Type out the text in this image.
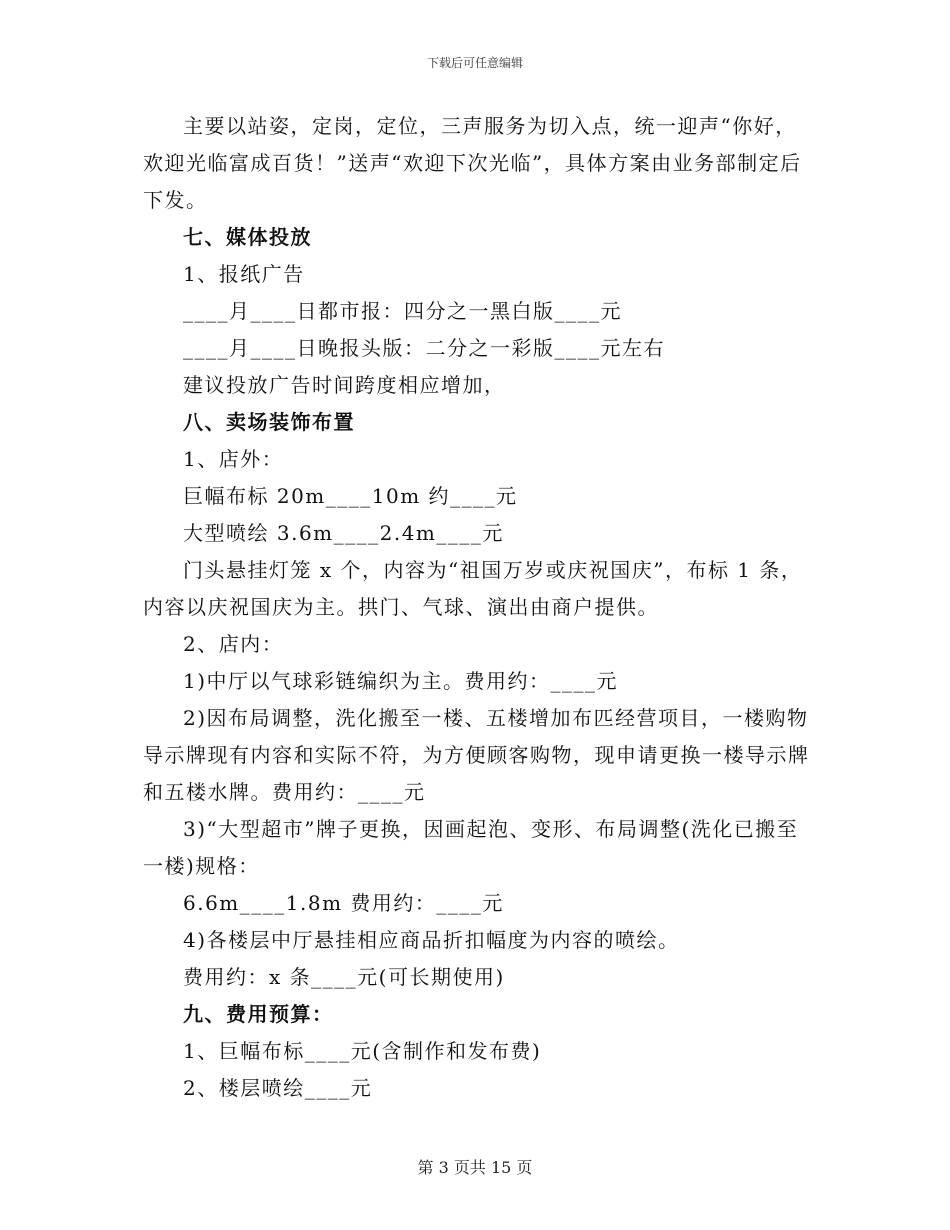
下载后可任意编辑

主要以站姿，定岗，定位，三声服务为切入点，统一迎声“你好，欢迎光临富成百货！”送声“欢迎下次光临”，具体方案由业务部制定后下发。

七、媒体投放

1、报纸广告

____月____日都市报：四分之一黑白版____元

____月____日晚报头版：二分之一彩版____元左右

建议投放广告时间跨度相应增加，

八、卖场装饰布置

1、店外：

巨幅布标 20m____10m 约____元

大型喷绘 3.6m____2.4m____元

门头悬挂灯笼 x 个，内容为“祖国万岁或庆祝国庆”，布标 1 条，内容以庆祝国庆为主。拱门、气球、演出由商户提供。

2、店内：

1)中厅以气球彩链编织为主。费用约：____元

2)因布局调整，洗化搬至一楼、五楼增加布匹经营项目，一楼购物导示牌现有内容和实际不符，为方便顾客购物，现申请更换一楼导示牌和五楼水牌。费用约：____元

3)“大型超市”牌子更换，因画起泡、变形、布局调整(洗化已搬至一楼)规格：

6.6m____1.8m 费用约：____元

4)各楼层中厅悬挂相应商品折扣幅度为内容的喷绘。

费用约：x 条____元(可长期使用)

九、费用预算：

1、巨幅布标____元(含制作和发布费)

2、楼层喷绘____元

第 3 页共 15 页
